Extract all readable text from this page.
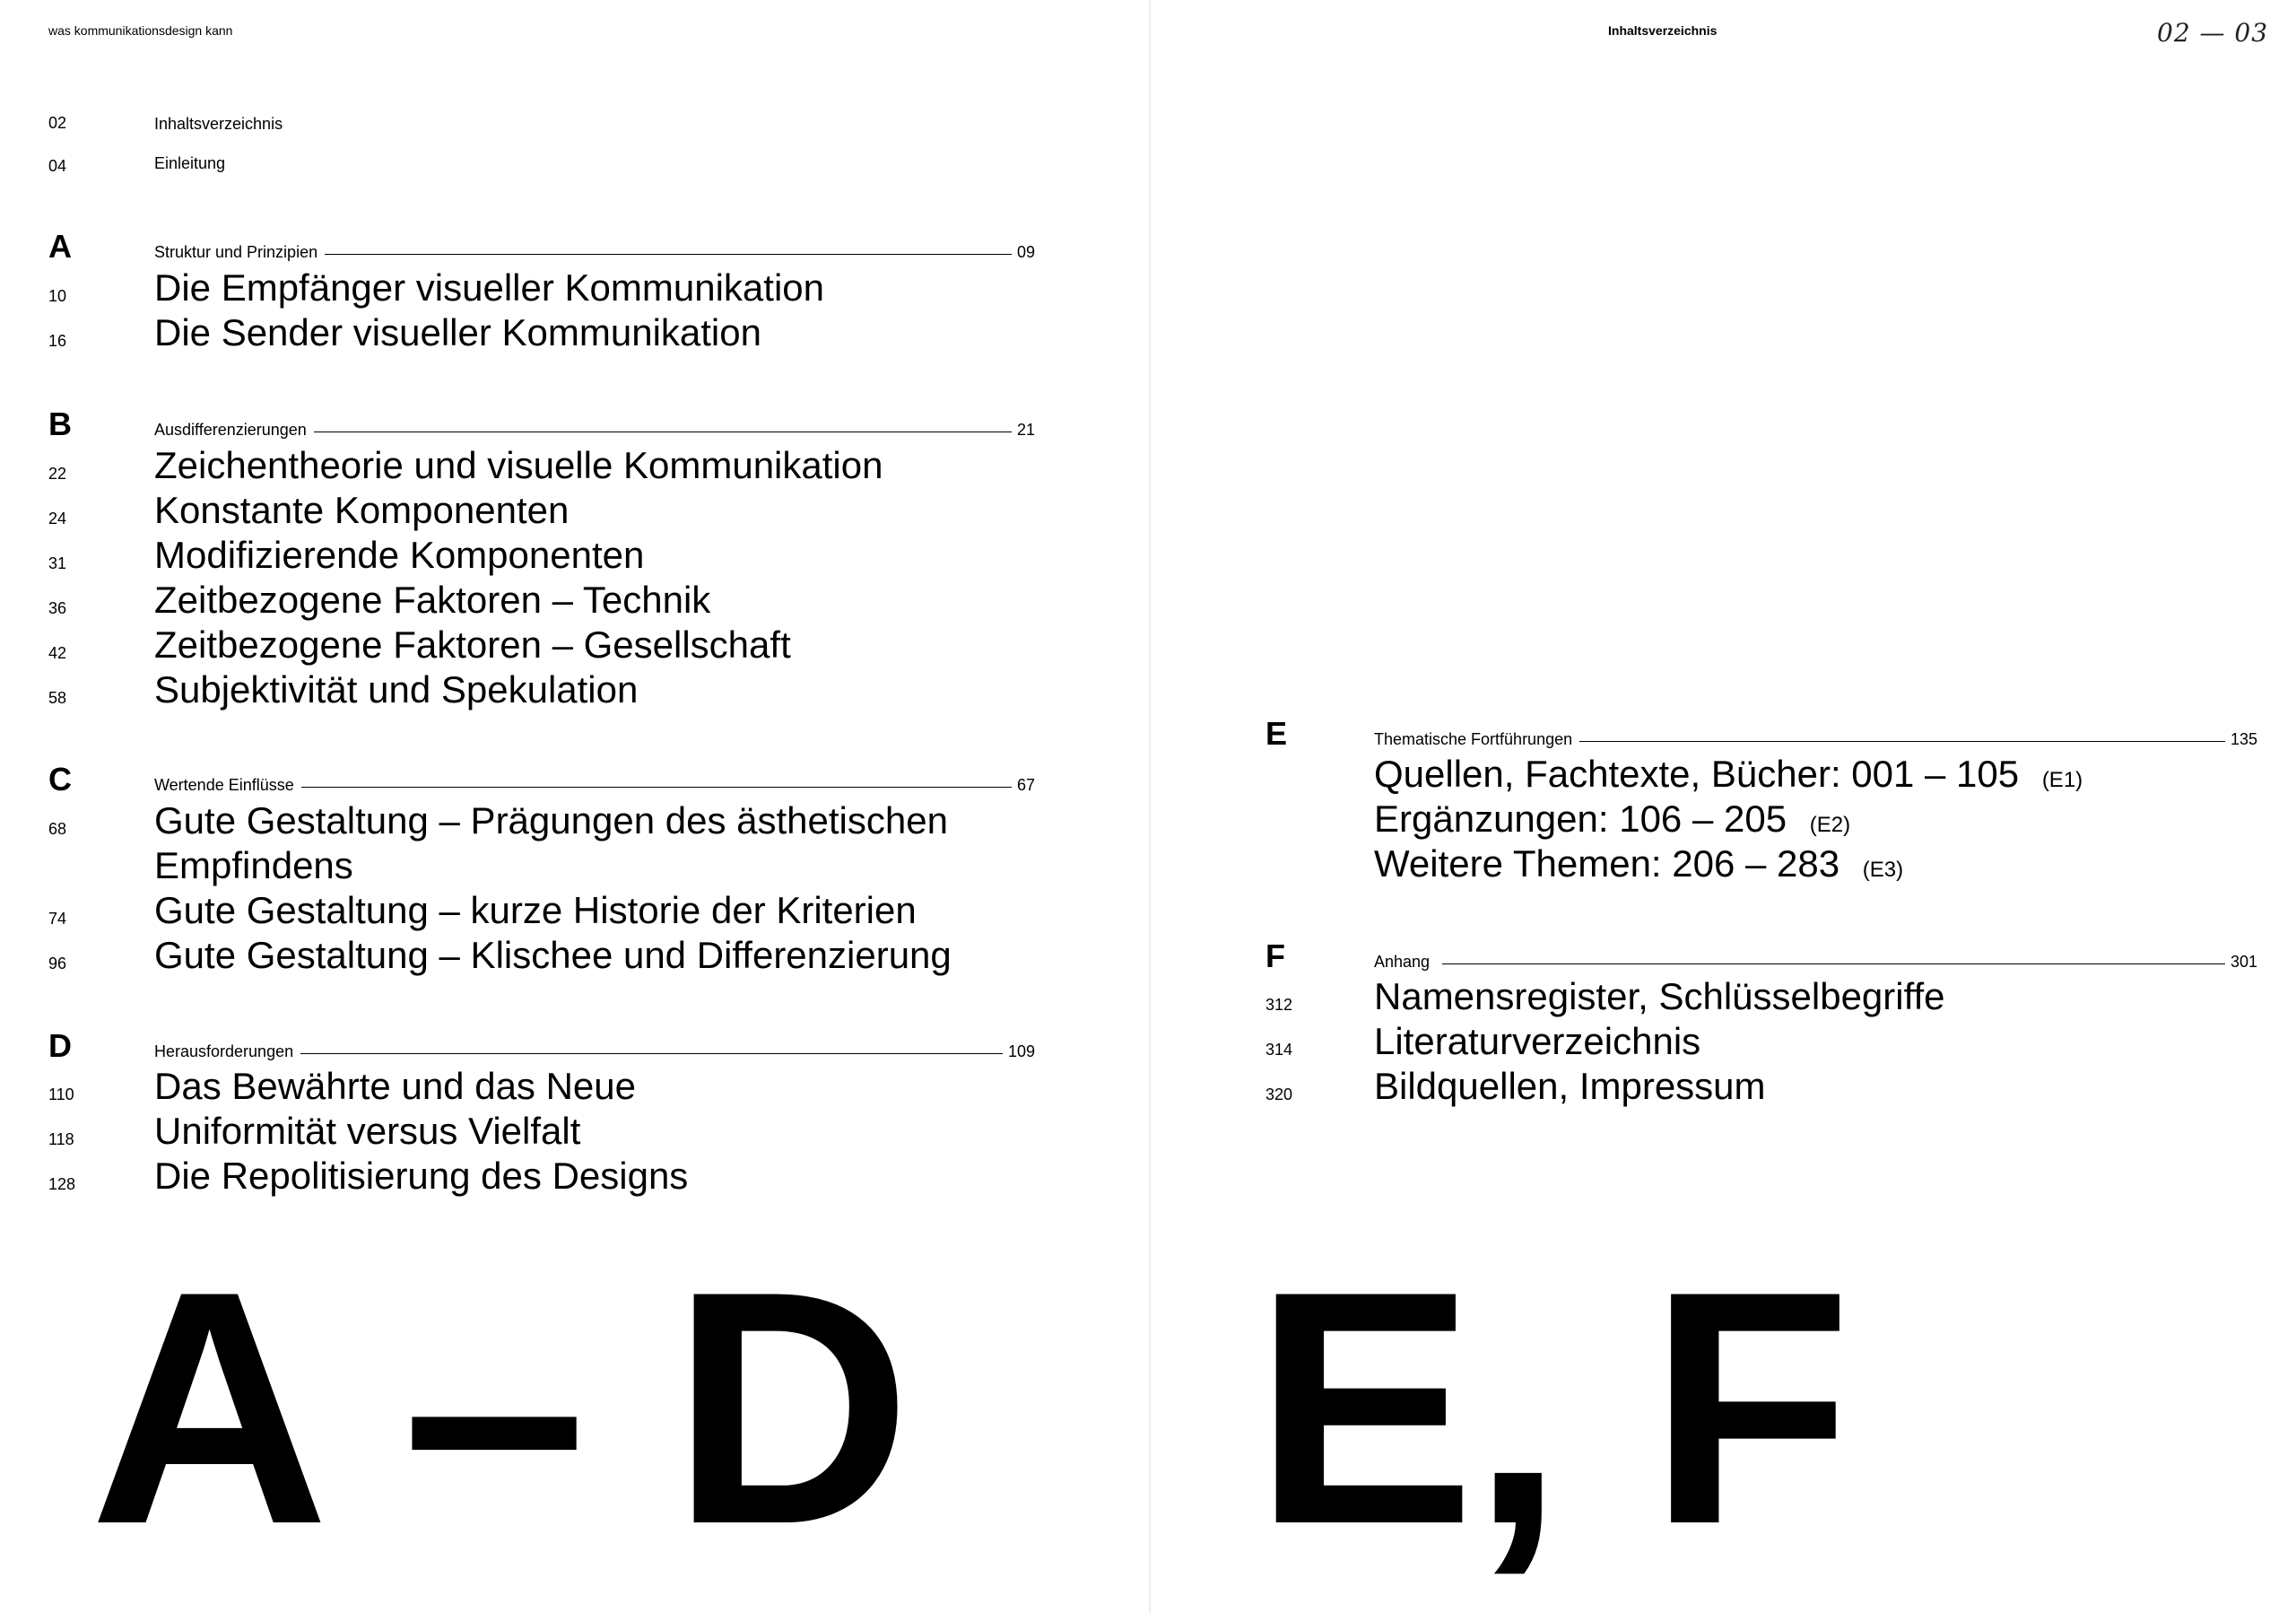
was kommunikationsdesign kann
02	Inhaltsverzeichnis
04	Einleitung
A	Struktur und Prinzipien	09
10 Die Empfänger visueller Kommunikation
16 Die Sender visueller Kommunikation
B	Ausdifferenzierungen	21
22 Zeichentheorie und visuelle Kommunikation
24 Konstante Komponenten
31 Modifizierende Komponenten
36 Zeitbezogene Faktoren – Technik
42 Zeitbezogene Faktoren – Gesellschaft
58 Subjektivität und Spekulation
C	Wertende Einflüsse	67
68 Gute Gestaltung – Prägungen des ästhetischen
Empfindens
74 Gute Gestaltung – kurze Historie der Kriterien
96 Gute Gestaltung – Klischee und Differenzierung
D	Herausforderungen	109
110 Das Bewährte und das Neue
118 Uniformität versus Vielfalt
128 Die Repolitisierung des Designs
A – D
Inhaltsverzeichnis	02 — 03
E	Thematische Fortführungen	135
Quellen, Fachtexte, Bücher: 001 – 105 (E1)
Ergänzungen: 106 – 205 (E2)
Weitere Themen: 206 – 283 (E3)
F	Anhang	301
312 Namensregister, Schlüsselbegriffe
314 Literaturverzeichnis
320 Bildquellen, Impressum
E, F
